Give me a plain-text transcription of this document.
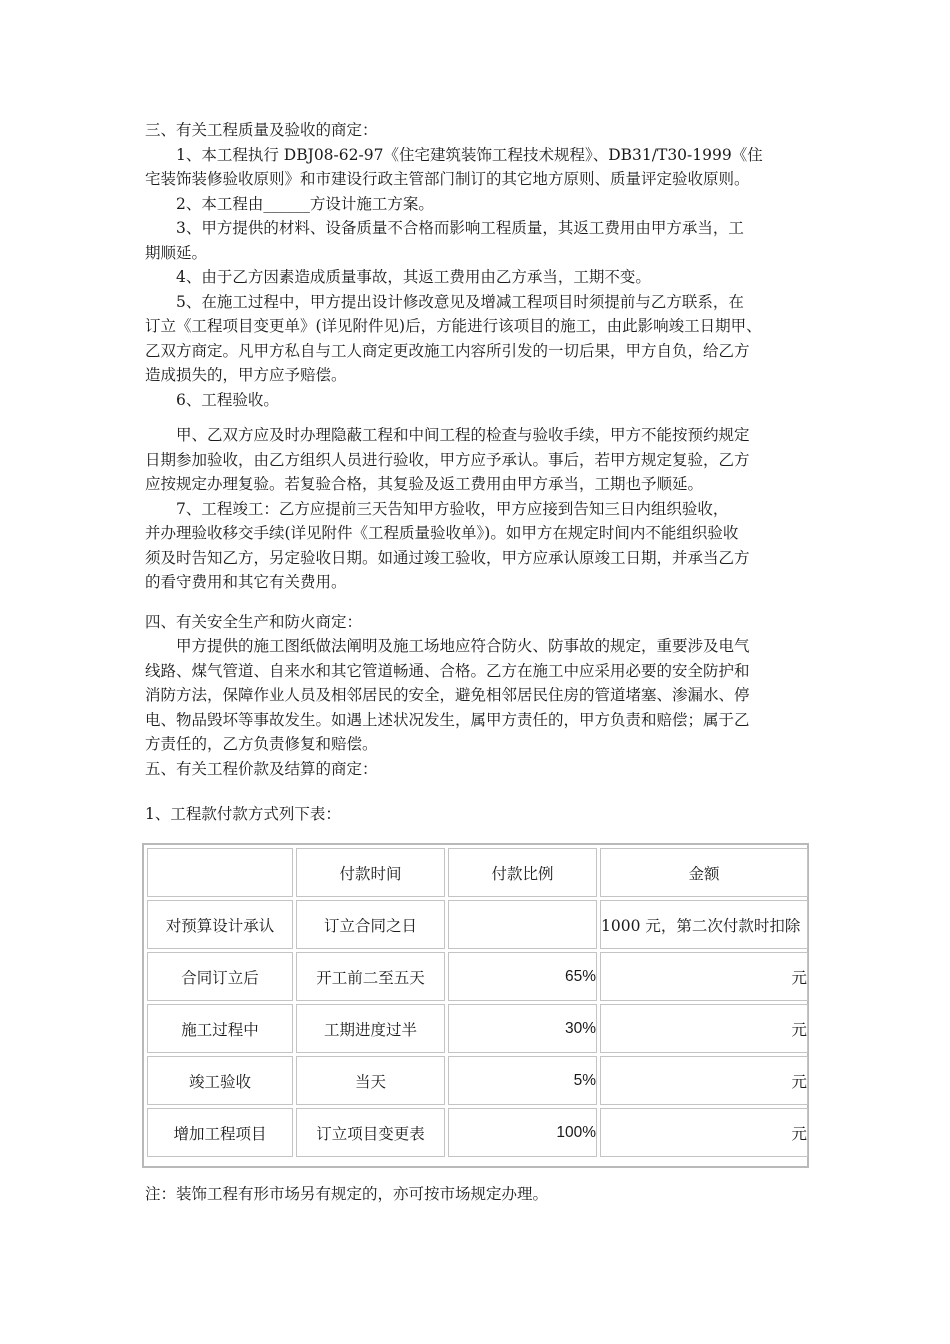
三、有关工程质量及验收的商定：
1、本工程执行 DBJ08-62-97《住宅建筑装饰工程技术规程》、DB31/T30-1999《住
宅装饰装修验收原则》和市建设行政主管部门制订的其它地方原则、质量评定验收原则。
2、本工程由______方设计施工方案。
3、甲方提供的材料、设备质量不合格而影响工程质量，其返工费用由甲方承当，工
期顺延。
4、由于乙方因素造成质量事故，其返工费用由乙方承当，工期不变。
5、在施工过程中，甲方提出设计修改意见及增减工程项目时须提前与乙方联系，在
订立《工程项目变更单》(详见附件见)后，方能进行该项目的施工，由此影响竣工日期甲、
乙双方商定。凡甲方私自与工人商定更改施工内容所引发的一切后果，甲方自负，给乙方
造成损失的，甲方应予赔偿。
6、工程验收。
甲、乙双方应及时办理隐蔽工程和中间工程的检查与验收手续，甲方不能按预约规定
日期参加验收，由乙方组织人员进行验收，甲方应予承认。事后，若甲方规定复验，乙方
应按规定办理复验。若复验合格，其复验及返工费用由甲方承当，工期也予顺延。
7、工程竣工：乙方应提前三天告知甲方验收，甲方应接到告知三日内组织验收，
并办理验收移交手续(详见附件《工程质量验收单》)。如甲方在规定时间内不能组织验收
须及时告知乙方，另定验收日期。如通过竣工验收，甲方应承认原竣工日期，并承当乙方
的看守费用和其它有关费用。
四、有关安全生产和防火商定：
甲方提供的施工图纸做法阐明及施工场地应符合防火、防事故的规定，重要涉及电气
线路、煤气管道、自来水和其它管道畅通、合格。乙方在施工中应采用必要的安全防护和
消防方法，保障作业人员及相邻居民的安全，避免相邻居民住房的管道堵塞、渗漏水、停
电、物品毁坏等事故发生。如遇上述状况发生，属甲方责任的，甲方负责和赔偿；属于乙
方责任的，乙方负责修复和赔偿。
五、有关工程价款及结算的商定：
1、工程款付款方式列下表：
	付款时间	付款比例	金额
对预算设计承认	订立合同之日		1000 元，第二次付款时扣除
合同订立后	开工前二至五天	65%	元
施工过程中	工期进度过半	30%	元
竣工验收	当天	5%	元
增加工程项目	订立项目变更表	100%	元
注：装饰工程有形市场另有规定的，亦可按市场规定办理。
